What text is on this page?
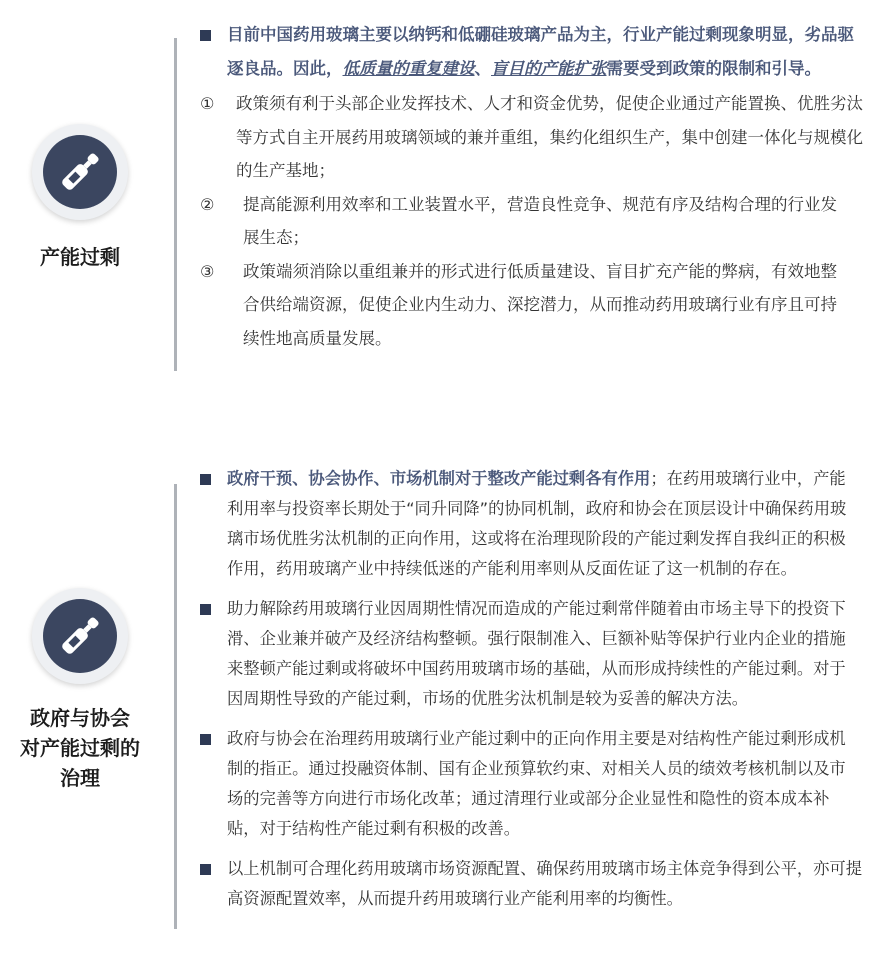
产能过剩
目前中国药用玻璃主要以纳钙和低硼硅玻璃产品为主，行业产能过剩现象明显，劣品驱逐良品。因此，低质量的重复建设、盲目的产能扩张需要受到政策的限制和引导。
①	政策须有利于头部企业发挥技术、人才和资金优势，促使企业通过产能置换、优胜劣汰等方式自主开展药用玻璃领域的兼并重组，集约化组织生产，集中创建一体化与规模化的生产基地；
②	提高能源利用效率和工业装置水平，营造良性竞争、规范有序及结构合理的行业发展生态；
③	政策端须消除以重组兼并的形式进行低质量建设、盲目扩充产能的弊病，有效地整合供给端资源，促使企业内生动力、深挖潜力，从而推动药用玻璃行业有序且可持续性地高质量发展。
政府与协会
对产能过剩的
治理
政府干预、协会协作、市场机制对于整改产能过剩各有作用；在药用玻璃行业中，产能利用率与投资率长期处于“同升同降”的协同机制，政府和协会在顶层设计中确保药用玻璃市场优胜劣汰机制的正向作用，这或将在治理现阶段的产能过剩发挥自我纠正的积极作用，药用玻璃产业中持续低迷的产能利用率则从反面佐证了这一机制的存在。
助力解除药用玻璃行业因周期性情况而造成的产能过剩常伴随着由市场主导下的投资下滑、企业兼并破产及经济结构整顿。强行限制准入、巨额补贴等保护行业内企业的措施来整顿产能过剩或将破坏中国药用玻璃市场的基础，从而形成持续性的产能过剩。对于因周期性导致的产能过剩，市场的优胜劣汰机制是较为妥善的解决方法。
政府与协会在治理药用玻璃行业产能过剩中的正向作用主要是对结构性产能过剩形成机制的指正。通过投融资体制、国有企业预算软约束、对相关人员的绩效考核机制以及市场的完善等方向进行市场化改革；通过清理行业或部分企业显性和隐性的资本成本补贴，对于结构性产能过剩有积极的改善。
以上机制可合理化药用玻璃市场资源配置、确保药用玻璃市场主体竞争得到公平，亦可提高资源配置效率，从而提升药用玻璃行业产能利用率的均衡性。
